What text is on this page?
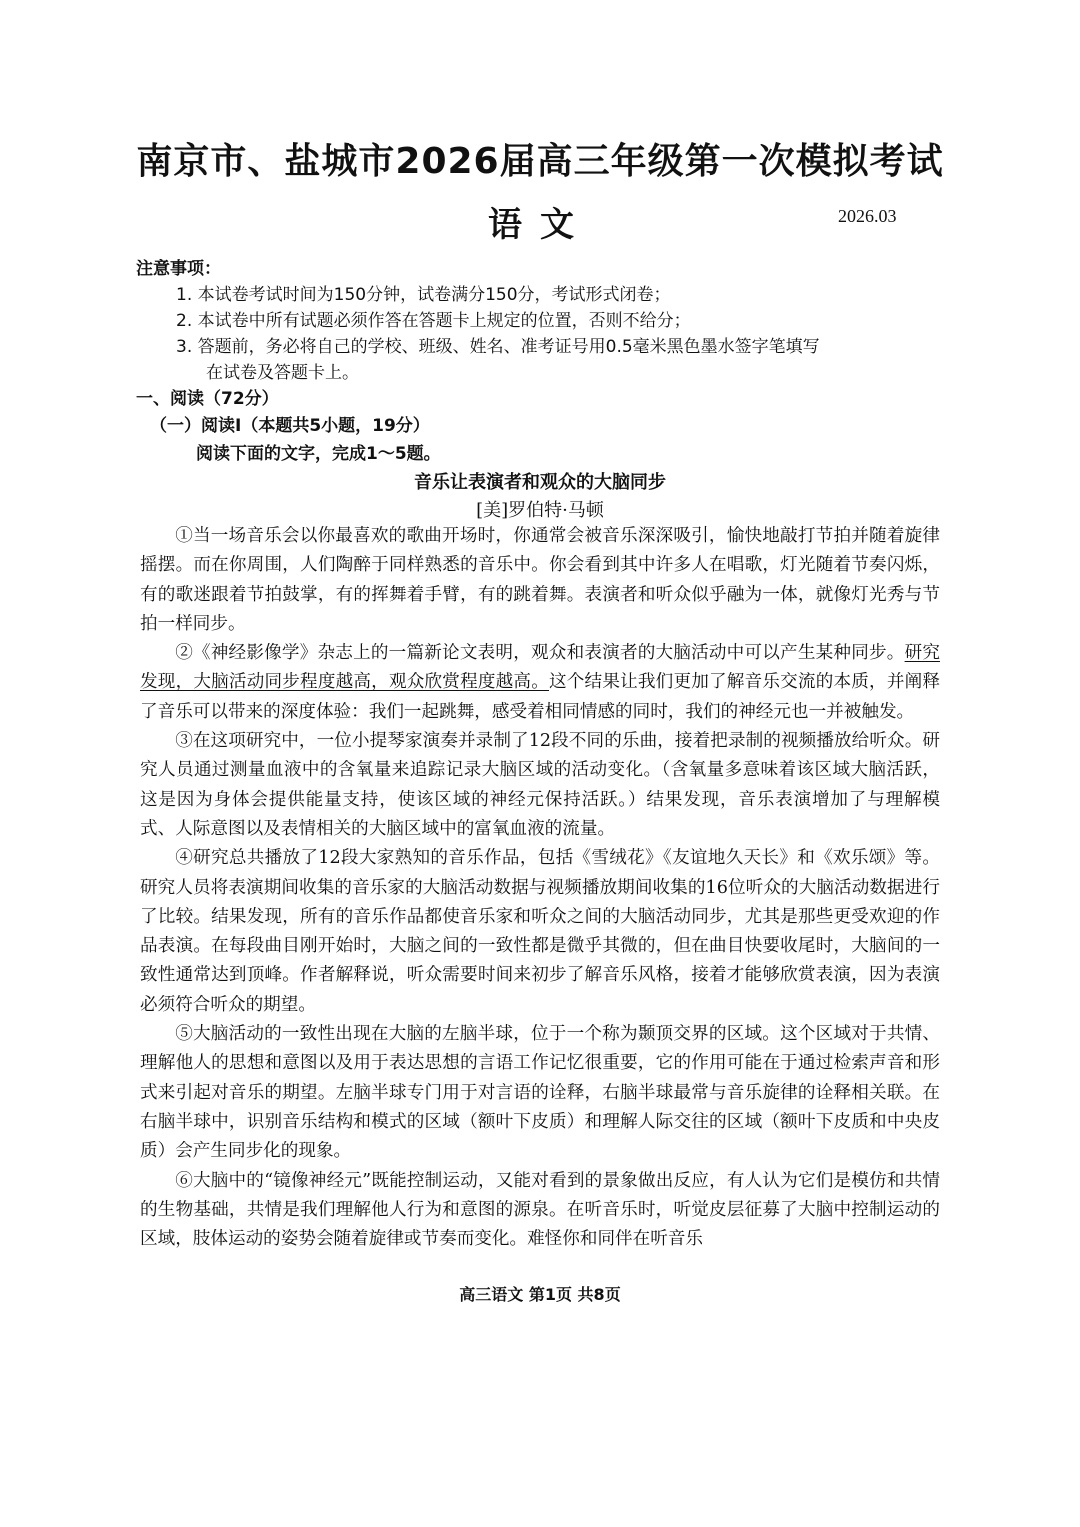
南京市、盐城市2026届高三年级第一次模拟考试
语文	2026.03
注意事项：
1. 本试卷考试时间为150分钟，试卷满分150分，考试形式闭卷；
2. 本试卷中所有试题必须作答在答题卡上规定的位置，否则不给分；
3. 答题前，务必将自己的学校、班级、姓名、准考证号用0.5毫米黑色墨水签字笔填写
在试卷及答题卡上。
一、阅读（72分）
（一）阅读Ⅰ（本题共5小题，19分）
阅读下面的文字，完成1～5题。
音乐让表演者和观众的大脑同步
[美]罗伯特·马顿

①当一场音乐会以你最喜欢的歌曲开场时，你通常会被音乐深深吸引，愉快地敲打节拍并随着旋律摇摆。而在你周围，人们陶醉于同样熟悉的音乐中。你会看到其中许多人在唱歌，灯光随着节奏闪烁，有的歌迷跟着节拍鼓掌，有的挥舞着手臂，有的跳着舞。表演者和听众似乎融为一体，就像灯光秀与节拍一样同步。

②《神经影像学》杂志上的一篇新论文表明，观众和表演者的大脑活动中可以产生某种同步。研究发现，大脑活动同步程度越高，观众欣赏程度越高。这个结果让我们更加了解音乐交流的本质，并阐释了音乐可以带来的深度体验：我们一起跳舞，感受着相同情感的同时，我们的神经元也一并被触发。

③在这项研究中，一位小提琴家演奏并录制了12段不同的乐曲，接着把录制的视频播放给听众。研究人员通过测量血液中的含氧量来追踪记录大脑区域的活动变化。（含氧量多意味着该区域大脑活跃，这是因为身体会提供能量支持，使该区域的神经元保持活跃。）结果发现，音乐表演增加了与理解模式、人际意图以及表情相关的大脑区域中的富氧血液的流量。

④研究总共播放了12段大家熟知的音乐作品，包括《雪绒花》《友谊地久天长》和《欢乐颂》等。研究人员将表演期间收集的音乐家的大脑活动数据与视频播放期间收集的16位听众的大脑活动数据进行了比较。结果发现，所有的音乐作品都使音乐家和听众之间的大脑活动同步，尤其是那些更受欢迎的作品表演。在每段曲目刚开始时，大脑之间的一致性都是微乎其微的，但在曲目快要收尾时，大脑间的一致性通常达到顶峰。作者解释说，听众需要时间来初步了解音乐风格，接着才能够欣赏表演，因为表演必须符合听众的期望。

⑤大脑活动的一致性出现在大脑的左脑半球，位于一个称为颞顶交界的区域。这个区域对于共情、理解他人的思想和意图以及用于表达思想的言语工作记忆很重要，它的作用可能在于通过检索声音和形式来引起对音乐的期望。左脑半球专门用于对言语的诠释，右脑半球最常与音乐旋律的诠释相关联。在右脑半球中，识别音乐结构和模式的区域（额叶下皮质）和理解人际交往的区域（额叶下皮质和中央皮质）会产生同步化的现象。

⑥大脑中的“镜像神经元”既能控制运动，又能对看到的景象做出反应，有人认为它们是模仿和共情的生物基础，共情是我们理解他人行为和意图的源泉。在听音乐时，听觉皮层征募了大脑中控制运动的区域，肢体运动的姿势会随着旋律或节奏而变化。难怪你和同伴在听音乐

高三语文 第1页 共8页
